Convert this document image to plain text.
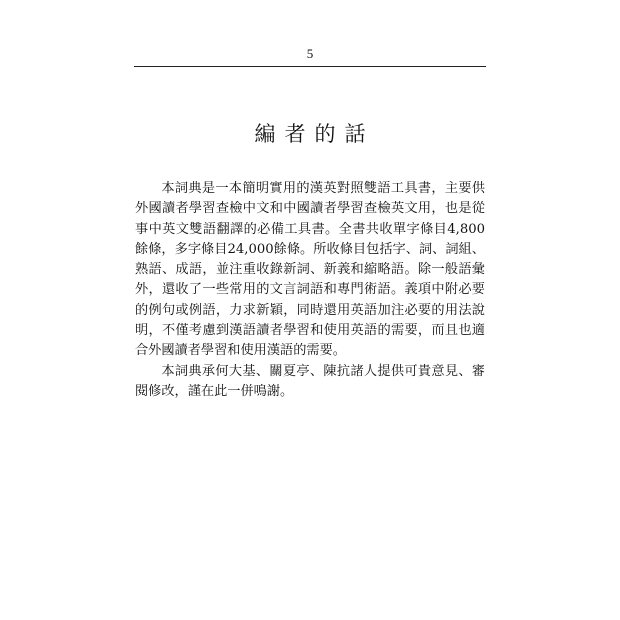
5
編者的話

本詞典是一本簡明實用的漢英對照雙語工具書，主要供外國讀者學習查檢中文和中國讀者學習查檢英文用，也是從事中英文雙語翻譯的必備工具書。全書共收單字條目4,800餘條，多字條目24,000餘條。所收條目包括字、詞、詞組、熟語、成語，並注重收錄新詞、新義和縮略語。除一般語彙外，還收了一些常用的文言詞語和專門術語。義項中附必要的例句或例語，力求新穎，同時還用英語加注必要的用法說明，不僅考慮到漢語讀者學習和使用英語的需要，而且也適合外國讀者學習和使用漢語的需要。

本詞典承何大基、關夏亭、陳抗諸人提供可貴意見、審閱修改，謹在此一併鳴謝。
